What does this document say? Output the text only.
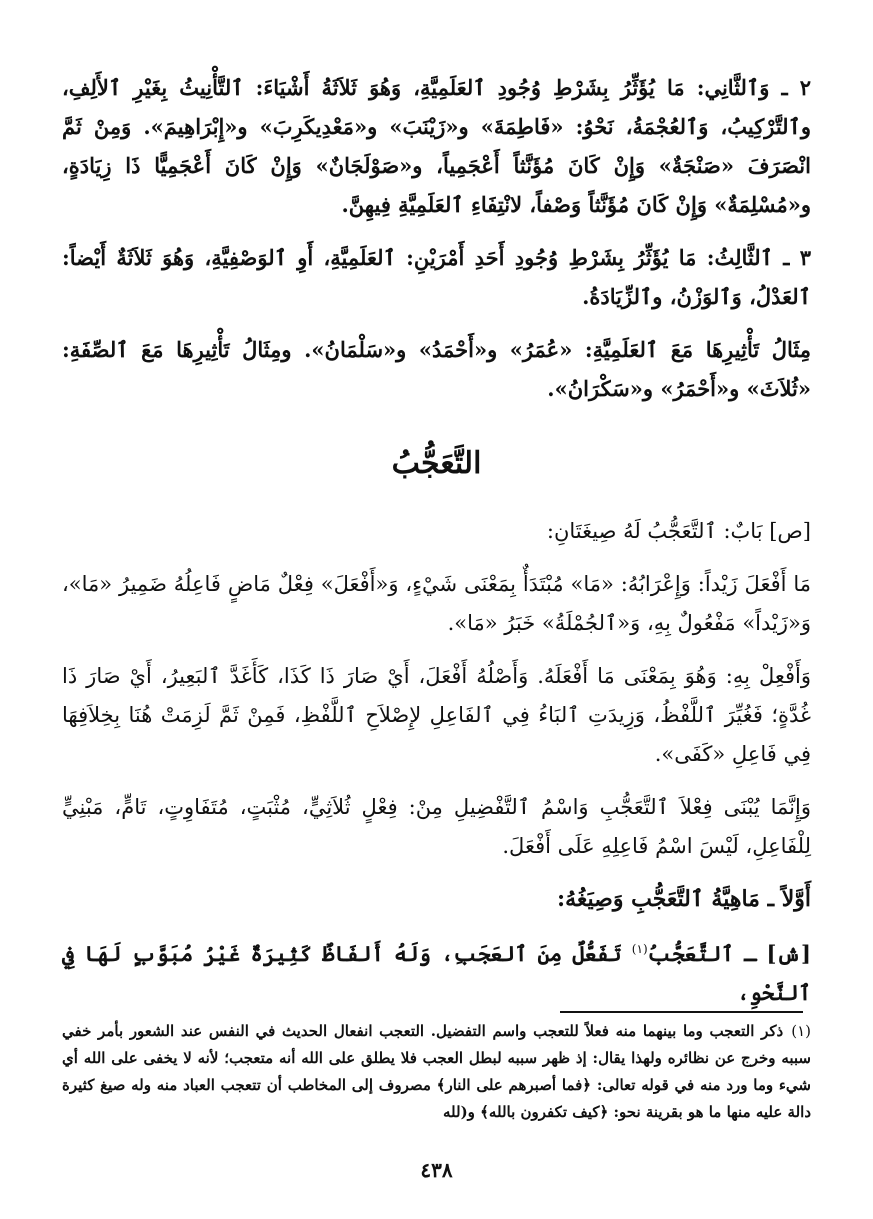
٢ ـ وَٱلثَّانِي: مَا يُؤَثِّرُ بِشَرْطِ وُجُودِ ٱلعَلَمِيَّةِ، وَهُوَ ثَلاَثَةُ أَشْيَاءَ: ٱلتَّأْنِيثُ بِغَيْرِ ٱلأَلِفِ، وٱلتَّرْكِيبُ، وَٱلعُجْمَةُ، نَحْوُ: «فَاطِمَةَ» و«زَيْنَبَ» و«مَعْدِيكَرِبَ» و«إِبْرَاهِيمَ». وَمِنْ ثَمَّ انْصَرَفَ «صَنْجَةٌ» وَإِنْ كَانَ مُؤَنَّثاً أَعْجَمِياً، و«صَوْلَجَانٌ» وَإِنْ كَانَ أَعْجَمِيًّا ذَا زِيَادَةٍ، و«مُسْلِمَةٌ» وَإِنْ كَانَ مُؤَنَّثاً وَصْفاً، لانْتِفَاءِ ٱلعَلَمِيَّةِ فِيهِنَّ.

٣ ـ ٱلثَّالِثُ: مَا يُؤَثِّرُ بِشَرْطِ وُجُودِ أَحَدِ أَمْرَيْنِ: ٱلعَلَمِيَّةِ، أَوِ ٱلوَصْفِيَّةِ، وَهُوَ ثَلاَثَةٌ أَيْضاً: ٱلعَدْلُ، وَٱلوَزْنُ، وٱلزِّيَادَةُ.

مِثَالُ تَأْثِيرِهَا مَعَ ٱلعَلَمِيَّةِ: «عُمَرُ» و«أَحْمَدُ» و«سَلْمَانُ». ومِثَالُ تَأْثِيرِهَا مَعَ ٱلصِّفَةِ: «ثُلاَثَ» و«أَحْمَرُ» و«سَكْرَانُ».

التَّعَجُّبُ

[ص] بَابٌ: ٱلتَّعَجُّبُ لَهُ صِيغَتَانِ:

مَا أَفْعَلَ زَيْداً: وَإِعْرَابُهُ: «مَا» مُبْتَدَأٌ بِمَعْنَى شَيْءٍ، وَ«أَفْعَلَ» فِعْلٌ مَاضٍ فَاعِلُهُ ضَمِيرُ «مَا»، وَ«زَيْداً» مَفْعُولٌ بِهِ، وَ«ٱلجُمْلَةُ» خَبَرُ «مَا».

وَأَفْعِلْ بِهِ: وَهُوَ بِمَعْنَى مَا أَفْعَلَهُ. وَأَصْلُهُ أَفْعَلَ، أَيْ صَارَ ذَا كَذَا، كَأَغَدَّ ٱلبَعِيرُ، أَيْ صَارَ ذَا غُدَّةٍ؛ فَغُيِّرَ ٱللَّفْظُ، وَزِيدَتِ ٱلبَاءُ فِي ٱلفَاعِلِ لإِصْلاَحِ ٱللَّفْظِ، فَمِنْ ثَمَّ لَزِمَتْ هُنَا بِخِلاَفِهَا فِي فَاعِلِ «كَفَى».

وَإِنَّمَا يُبْنَى فِعْلاَ ٱلتَّعَجُّبِ وَاسْمُ ٱلتَّفْضِيلِ مِنْ: فِعْلٍ ثُلاَثِيٍّ، مُثْبَتٍ، مُتَفَاوِتٍ، تَامٍّ، مَبْنِيٍّ لِلْفَاعِلِ، لَيْسَ اسْمُ فَاعِلِهِ عَلَى أَفْعَلَ.

أَوَّلاً ـ مَاهِيَّةُ ٱلتَّعَجُّبِ وَصِيَغُهُ:

[ش] ـ ٱلتَّعَجُّبُ$^{(١)}$ تَفَعُّلٌ مِنَ ٱلعَجَبِ، وَلَهُ أَلفَاظٌ كَثِيرَةٌ غَيْرُ مُبَوَّبٍ لَهَا فِي ٱلنَّحْوِ،

(١)ذكر التعجب وما بينهما منه فعلاً للتعجب واسم التفضيل. التعجب انفعال الحديث في النفس عند الشعور بأمر خفي سببه وخرج عن نظائره ولهذا يقال: إذ ظهر سببه لبطل العجب فلا يطلق على الله أنه متعجب؛ لأنه لا يخفى على الله أي شيء وما ورد منه في قوله تعالى: ﴿فما أصبرهم على النار﴾ مصروف إلى المخاطب أن تتعجب العباد منه وله صيغ كثيرة دالة عليه منها ما هو بقرينة نحو: ﴿كيف تكفرون بالله﴾ و(لله
٤٣٨
